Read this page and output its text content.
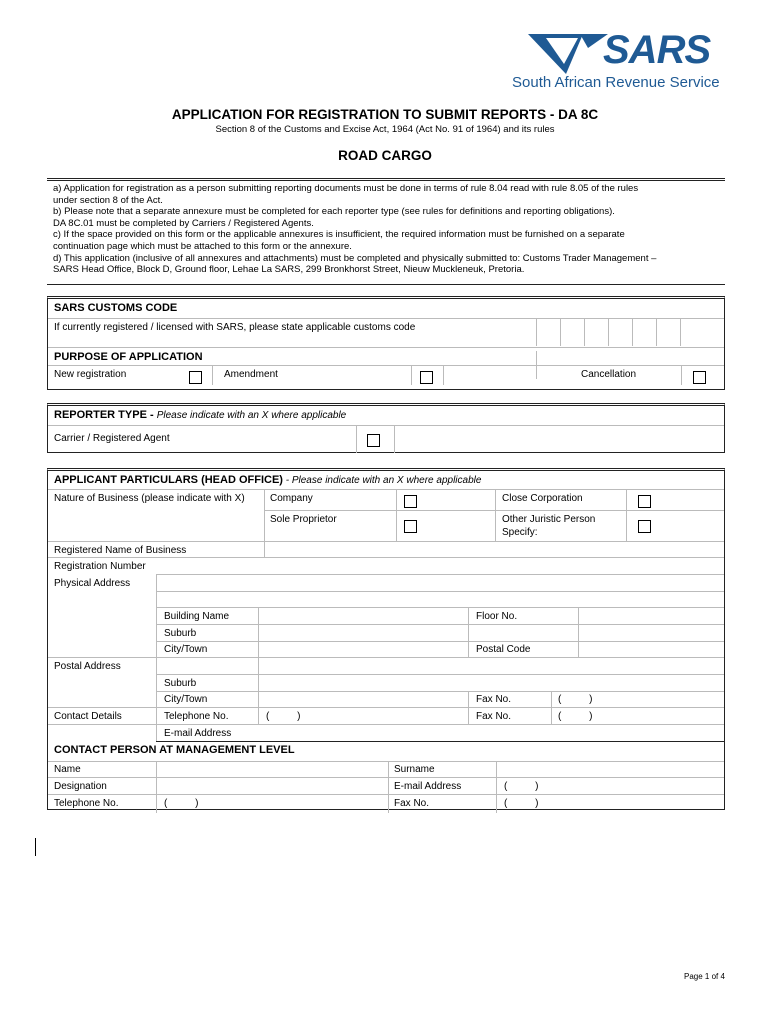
SARS
South African Revenue Service
APPLICATION FOR REGISTRATION TO SUBMIT REPORTS - DA 8C
Section 8 of the Customs and Excise Act, 1964 (Act No. 91 of 1964) and its rules
ROAD CARGO
a) Application for registration as a person submitting reporting documents must be done in terms of rule 8.04 read with rule 8.05 of the rules
under section 8 of the Act.
b) Please note that a separate annexure must be completed for each reporter type (see rules for definitions and reporting obligations).
DA 8C.01 must be completed by Carriers / Registered Agents.
c) If the space provided on this form or the applicable annexures is insufficient, the required information must be furnished on a separate
continuation page which must be attached to this form or the annexure.
d) This application (inclusive of all annexures and attachments) must be completed and physically submitted to: Customs Trader Management –
SARS Head Office, Block D, Ground floor, Lehae La SARS, 299 Bronkhorst Street, Nieuw Muckleneuk, Pretoria.
SARS CUSTOMS CODE
If currently registered / licensed with SARS, please state applicable customs code
PURPOSE OF APPLICATION
New registration	Amendment	Cancellation
REPORTER TYPE - Please indicate with an X where applicable
Carrier / Registered Agent
APPLICANT PARTICULARS (HEAD OFFICE) - Please indicate with an X where applicable
Nature of Business (please indicate with X)	Company	Close Corporation
Sole Proprietor	Other Juristic Person
Specify:
Registered Name of Business
Registration Number
Physical Address
Building Name	Floor No.
Suburb
City/Town	Postal Code
Postal Address
Suburb
City/Town	Fax No.	(          )
Contact Details	Telephone No.	(          )	Fax No.	(          )
E-mail Address
CONTACT PERSON AT MANAGEMENT LEVEL
Name	Surname
Designation	E-mail Address	(          )
Telephone No.	(          )	Fax No.	(          )
Page 1 of 4
